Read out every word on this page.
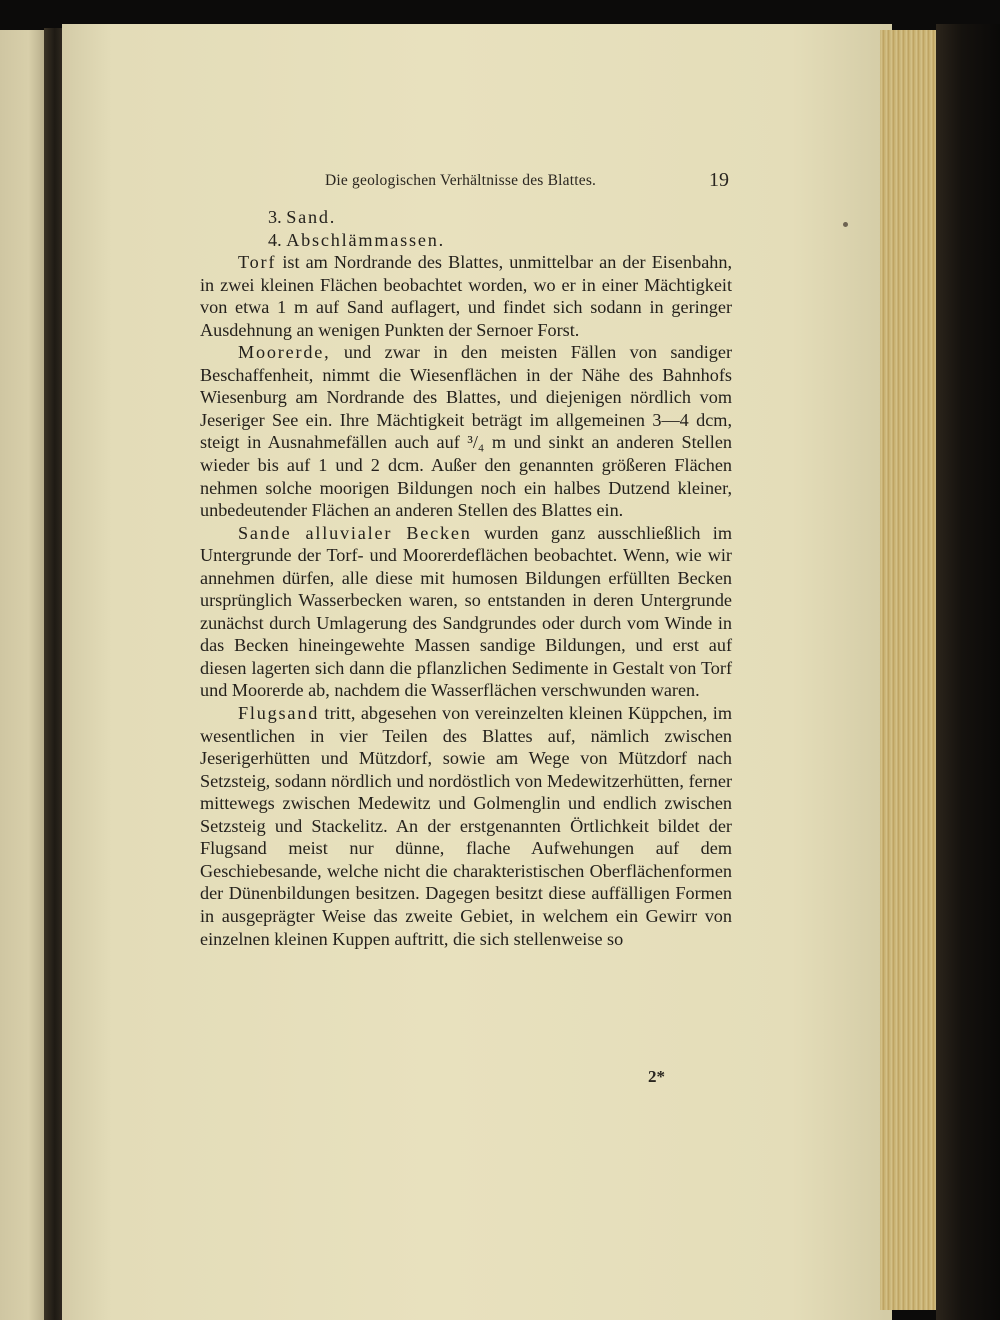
Die geologischen Verhältnisse des Blattes.	19

3. Sand.

4. Abschlämmassen.

Torf ist am Nordrande des Blattes, unmittelbar an der Eisenbahn, in zwei kleinen Flächen beobachtet worden, wo er in einer Mächtigkeit von etwa 1 m auf Sand auflagert, und findet sich sodann in geringer Ausdehnung an wenigen Punkten der Sernoer Forst.

Moorerde, und zwar in den meisten Fällen von sandiger Beschaffenheit, nimmt die Wiesenflächen in der Nähe des Bahnhofs Wiesenburg am Nordrande des Blattes, und diejenigen nördlich vom Jeseriger See ein. Ihre Mächtigkeit beträgt im allgemeinen 3—4 dcm, steigt in Ausnahmefällen auch auf ³/₄ m und sinkt an anderen Stellen wieder bis auf 1 und 2 dcm. Außer den genannten größeren Flächen nehmen solche moorigen Bildungen noch ein halbes Dutzend kleiner, unbedeutender Flächen an anderen Stellen des Blattes ein.

Sande alluvialer Becken wurden ganz ausschließlich im Untergrunde der Torf- und Moorerdeflächen beobachtet. Wenn, wie wir annehmen dürfen, alle diese mit humosen Bildungen erfüllten Becken ursprünglich Wasserbecken waren, so entstanden in deren Untergrunde zunächst durch Umlagerung des Sandgrundes oder durch vom Winde in das Becken hineingewehte Massen sandige Bildungen, und erst auf diesen lagerten sich dann die pflanzlichen Sedimente in Gestalt von Torf und Moorerde ab, nachdem die Wasserflächen verschwunden waren.

Flugsand tritt, abgesehen von vereinzelten kleinen Küppchen, im wesentlichen in vier Teilen des Blattes auf, nämlich zwischen Jeserigerhütten und Mützdorf, sowie am Wege von Mützdorf nach Setzsteig, sodann nördlich und nordöstlich von Medewitzerhütten, ferner mittewegs zwischen Medewitz und Golmenglin und endlich zwischen Setzsteig und Stackelitz. An der erstgenannten Örtlichkeit bildet der Flugsand meist nur dünne, flache Aufwehungen auf dem Geschiebesande, welche nicht die charakteristischen Oberflächenformen der Dünenbildungen besitzen. Dagegen besitzt diese auffälligen Formen in ausgeprägter Weise das zweite Gebiet, in welchem ein Gewirr von einzelnen kleinen Kuppen auftritt, die sich stellenweise so

2*
